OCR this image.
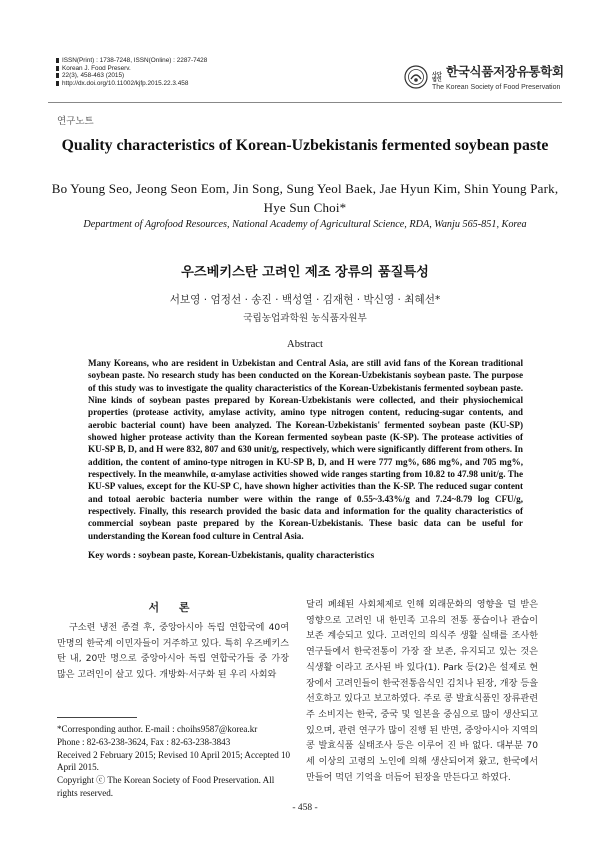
ISSN(Print) : 1738-7248, ISSN(Online) : 2287-7428
Korean J. Food Preserv.
22(3), 458-463 (2015)
http://dx.doi.org/10.11002/kjfp.2015.22.3.458
사단 법인
한국식품저장유통학회
The Korean Society of Food Preservation
연구노트
Quality characteristics of Korean-Uzbekistanis fermented soybean paste
Bo Young Seo, Jeong Seon Eom, Jin Song, Sung Yeol Baek, Jae Hyun Kim, Shin Young Park, Hye Sun Choi*
Department of Agrofood Resources, National Academy of Agricultural Science, RDA, Wanju 565-851, Korea
우즈베키스탄 고려인 제조 장류의 품질특성
서보영 · 엄정선 · 송진 · 백성열 · 김재현 · 박신영 · 최혜선*
국립농업과학원 농식품자원부
Abstract
Many Koreans, who are resident in Uzbekistan and Central Asia, are still avid fans of the Korean traditional soybean paste. No research study has been conducted on the Korean-Uzbekistanis soybean paste. The purpose of this study was to investigate the quality characteristics of the Korean-Uzbekistanis fermented soybean paste. Nine kinds of soybean pastes prepared by Korean-Uzbekistanis were collected, and their physiochemical properties (protease activity, amylase activity, amino type nitrogen content, reducing-sugar contents, and aerobic bacterial count) have been analyzed. The Korean-Uzbekistanis' fermented soybean paste (KU-SP) showed higher protease activity than the Korean fermented soybean paste (K-SP). The protease activities of KU-SP B, D, and H were 832, 807 and 630 unit/g, respectively, which were significantly different from others. In addition, the content of amino-type nitrogen in KU-SP B, D, and H were 777 mg%, 686 mg%, and 705 mg%, respectively. In the meanwhile, α-amylase activities showed wide ranges starting from 10.82 to 47.98 unit/g. The KU-SP values, except for the KU-SP C, have shown higher activities than the K-SP. The reduced sugar content and totoal aerobic bacteria number were within the range of 0.55~3.43%/g and 7.24~8.79 log CFU/g, respectively. Finally, this research provided the basic data and information for the quality characteristics of commercial soybean paste prepared by the Korean-Uzbekistanis. These basic data can be useful for understanding the Korean food culture in Central Asia.
Key words : soybean paste, Korean-Uzbekistanis, quality characteristics
서 론
구소련 냉전 종결 후, 중앙아시아 독립 연합국에 40여 만명의 한국계 이민자들이 거주하고 있다. 특히 우즈베키스탄 내, 20만 명으로 중앙아시아 독립 연합국가들 중 가장 많은 고려인이 살고 있다. 개방화·서구화 된 우리 사회와
*Corresponding author. E-mail : choihs9587@korea.kr
Phone : 82-63-238-3624, Fax : 82-63-238-3843
Received 2 February 2015; Revised 10 April 2015; Accepted 10 April 2015.
Copyright ⓒ The Korean Society of Food Preservation. All rights reserved.
달리 폐쇄된 사회체제로 인해 외래문화의 영향을 덜 받은 영향으로 고려인 내 한민족 고유의 전통 풍습이나 관습이 보존 계승되고 있다. 고려인의 의식주 생활 실태를 조사한 연구들에서 한국전통이 가장 잘 보존, 유지되고 있는 것은 식생활 이라고 조사된 바 있다(1). Park 등(2)은 설제로 현장에서 고려인들이 한국전통음식인 김치나 된장, 개장 등을 선호하고 있다고 보고하였다. 주로 콩 발효식품인 장류관련 주 소비지는 한국, 중국 및 일본을 중심으로 많이 생산되고 있으며, 관련 연구가 많이 진행 된 반면, 중앙아시아 지역의 콩 발효식품 실태조사 등은 이루어 진 바 없다. 대부분 70세 이상의 고령의 노인에 의해 생산되어져 왔고, 한국에서 만들어 먹던 기억을 더듬어 된장을 만든다고 하였다.
- 458 -
